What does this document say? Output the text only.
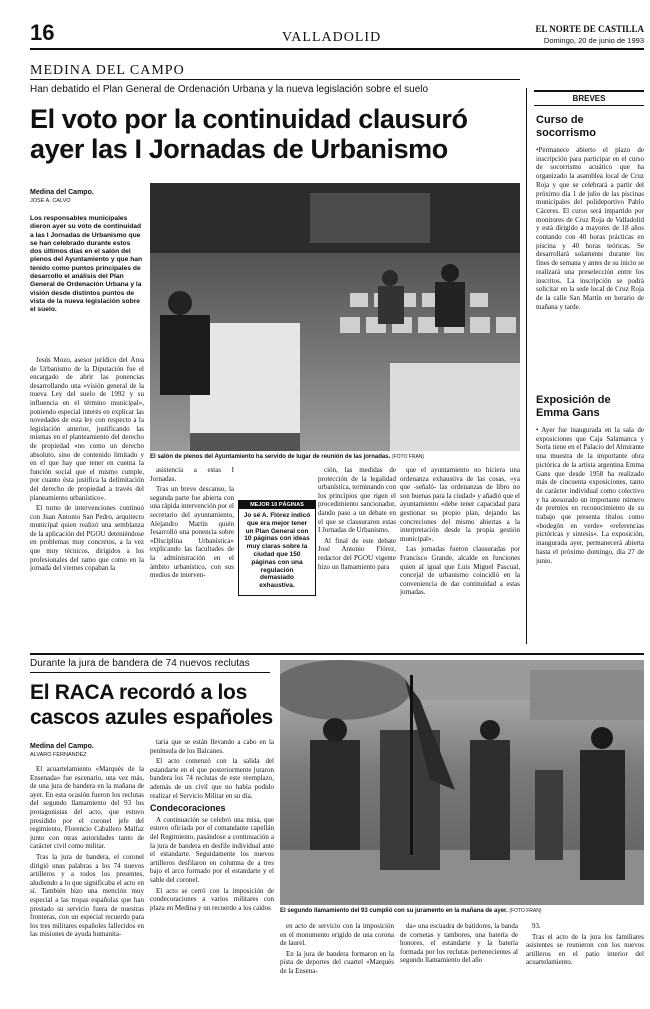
16	VALLADOLID
EL NORTE DE CASTILLA
Domingo, 20 de junio de 1993
MEDINA DEL CAMPO
Han debatido el Plan General de Ordenación Urbana y la nueva legislación sobre el suelo
El voto por la continuidad clausuró
ayer las I Jornadas de Urbanismo
Medina del Campo.
JOSÉ A. CALVO
Los responsables municipales dieron ayer su voto de continuidad a las I Jornadas de Urbanismo que se han celebrado durante estos dos últimos días en el salón del plenos del Ayuntamiento y que han tenido como puntos principales de desarrollo el análisis del Plan General de Ordenación Urbana y la visión desde distintos puntos de vista de la nueva legislación sobre el suelo.

Jesús Mozo, asesor jurídico del Área de Urbanismo de la Diputación fue el encargado de abrir las ponencias desarrollando una «visión general de la nueva Ley del suelo de 1992 y su influencia en el término municipal», poniendo especial interés en explicar las novedades de esta ley con respecto a la legislación anterior, justificando las mismas en el planteamiento del derecho de propiedad «no como un derecho absoluto, sino de contenido limitado y en el que hay que tener en cuenta la función social que el mismo cumple, por cuanto ésta justifica la delimitación del derecho de propiedad a través del planeamiento urbanístico».

El turno de intervenciones continuó con Juan Antonio San Pedro, arquitecto municipal quien realizó una semblanza de la aplicación del PGOU deteniéndose en problemas muy concretos, a la vez que muy técnicos, dirigidos a los profesionales del ramo que como en la jornada del viernes copaban la

El salón de plenos del Ayuntamiento ha servido de lugar de reunión de las jornadas. (FOTO FRAN)

asistencia a estas I Jornadas.

Tras un breve descanso, la segunda parte fue abierta con una rápida intervención por el secretario del ayuntamiento, Alejandro Martín quién Jesarrolló una ponencia sobre «Disciplina Urbanística» explicando las facultades de la administración en el ámbito urbanístico, con sus medios de interven-

MEJOR 10 PÁGINAS
Jo sé A. Flórez indicó que era mejor tener un Plan General con 10 páginas con ideas muy claras sobre la ciudad que 150 páginas con una regulación demasiado exhaustiva.

ción, las medidas de protección de la legalidad urbanística, terminando con los principios que rigen el procedimiento sancionador, dando paso a un debate en el que se clausuraron estas I Jornadas de Urbanismo.

Al final de este debate José Antonio Flórez, redactor del PGOU vigente hizo un llamamiento para

que el ayuntamiento no hiciera una ordenanza exhaustiva de las cosas, «ya que -señaló- las ordenanzas de libro no son buenas para la ciudad» y añadió que el ayuntamiento «debe tener capacidad para gestionar su propio plan, dejando las concreciones del mismo abiertas a la interpretación desde la propia gestión municipal».

Las jornadas fueron clausuradas por Francisco Grande, alcalde en funciones quien al igual que Luis Miguel Pascual, concejal de urbanismo coincidió en la conveniencia de dar continuidad a estas jornadas.

BREVES
Curso de socorrismo
•Permanece abierto el plazo de inscripción para participar en el curso de socorrismo acuático que ha organizado la asamblea local de Cruz Roja y que se celebrará a partir del próximo día 1 de julio de las piscinas municipales del polideportivo Pablo Cáceres. El curso será impartido por monitores de Cruz Roja de Valladolid y está dirigido a mayores de 18 años contando con 40 horas prácticas en piscina y 40 horas teóricas. Se desarrollará solamente durante los fines de semana y antes de su inicio se realizará una preselección entre los inscritos. La inscripción se podrá solicitar en la sede local de Cruz Roja de la calle San Martín en horario de mañana y tarde.
Exposición de Emma Gans
• Ayer fue inaugurada en la sala de exposiciones que Caja Salamanca y Soria tiene en el Palacio del Almirante una muestra de la importante obra pictórica de la artista argentina Emma Gans que desde 1958 ha realizado más de cincuenta exposiciones, tanto de carácter individual como colectivo y ha atesorado un importante número de premios en reconocimiento de su trabajo que presenta títulos como «bodegón en verde» «referencias pictóricas y síntesis». La exposición, inaugurada ayer, permanecerá abierta hasta el próximo domingo, día 27 de junio.
Durante la jura de bandera de 74 nuevos reclutas
El RACA recordó a los
cascos azules españoles
Medina del Campo.
ALVARO FERNANDEZ

El acuartelamiento «Marqués de la Ensenada» fue escenario, una vez más, de una jura de bandera en la mañana de ayer. En esta ocasión fueron los reclutas del segundo llamamiento del 93 los protagonistas del acto, que estuvo presidido por el coronel jefe del regimiento, Florencio Caballero Malfaz junto con otras autoridades tanto de carácter civil como militar.

Tras la jura de bandera, el coronel dirigió unas palabras a los 74 nuevos artilleros y a todos los presentes, aludiendo a lo que significaba el acto en sí. También hizo una mención muy especial a las tropas españolas que han prestado su servicio fuera de nuestras fronteras, con un especial recuerdo para los tres militares españoles fallecidos en las misiones de ayuda humanita-

taria que se están llevando a cabo en la península de los Balcanes.

El acto comenzó con la salida del estandarte en el que posteriormente juraron bandera los 74 reclutas de este reemplazo, además de un civil que no había podido realizar el Servicio Militar en su día.

Condecoraciones

A continuación se celebró una misa, que estuvo oficiada por el comandante capellán del Regimiento, pasándose a continuación a la jura de bandera en desfile individual ante el estandarte. Seguidamente los nuevos artilleros desfilaron en columna de a tres bajo el arco formado por el estandarte y el sable del coronel.

El acto se cerró con la imposición de condecoraciones a varios militares con plaza en Medina y un recuerdo a los caídos	El segundo llamamiento del 93 cumplió con su juramento en la mañana de ayer. (FOTO FRAN)

en acto de servicio con la imposición en el monumento erigido de una corona de laurel.

En la jura de bandera formaron en la pista de deportes del cuartel «Marqués de la Ensena-

da» una escuadra de batidores, la banda de cornetas y tambores, una batería de honores, el estandarte y la batería formada por los reclutas pertenecientes al segundo llamamiento del año

93.

Tras el acto de la jura los familiares asistentes se reunieron con los nuevos artilleros en el patio interior del acuartelamiento.
